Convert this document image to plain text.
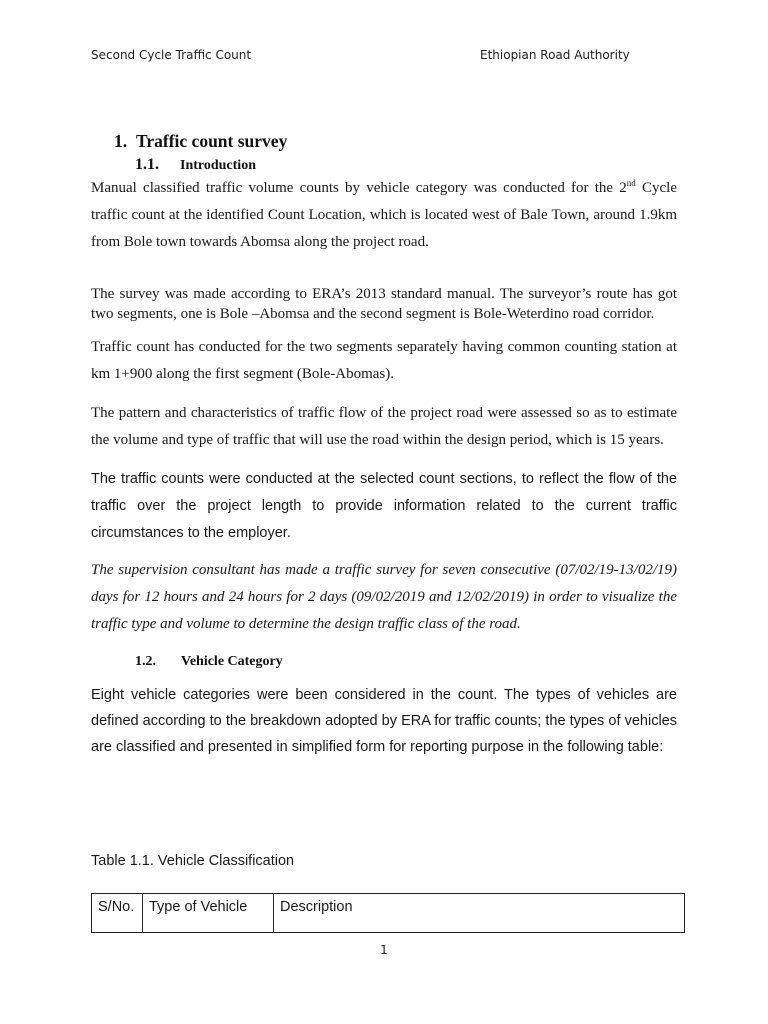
Second Cycle Traffic Count	Ethiopian Road Authority
1. Traffic count survey
1.1. Introduction

Manual classified traffic volume counts by vehicle category was conducted for the 2nd Cycle traffic count at the identified Count Location, which is located west of Bale Town, around 1.9km from Bole town towards Abomsa along the project road.

The survey was made according to ERA’s 2013 standard manual. The surveyor’s route has got two segments, one is Bole –Abomsa and the second segment is Bole-Weterdino road corridor.

Traffic count has conducted for the two segments separately having common counting station at km 1+900 along the first segment (Bole-Abomas).

The pattern and characteristics of traffic flow of the project road were assessed so as to estimate the volume and type of traffic that will use the road within the design period, which is 15 years.

The traffic counts were conducted at the selected count sections, to reflect the flow of the traffic over the project length to provide information related to the current traffic circumstances to the employer.

The supervision consultant has made a traffic survey for seven consecutive (07/02/19-13/02/19) days for 12 hours and 24 hours for 2 days (09/02/2019 and 12/02/2019) in order to visualize the traffic type and volume to determine the design traffic class of the road.

1.2. Vehicle Category

Eight vehicle categories were been considered in the count. The types of vehicles are defined according to the breakdown adopted by ERA for traffic counts; the types of vehicles are classified and presented in simplified form for reporting purpose in the following table:

Table 1.1. Vehicle Classification
S/No.	Type of Vehicle	Description
1
